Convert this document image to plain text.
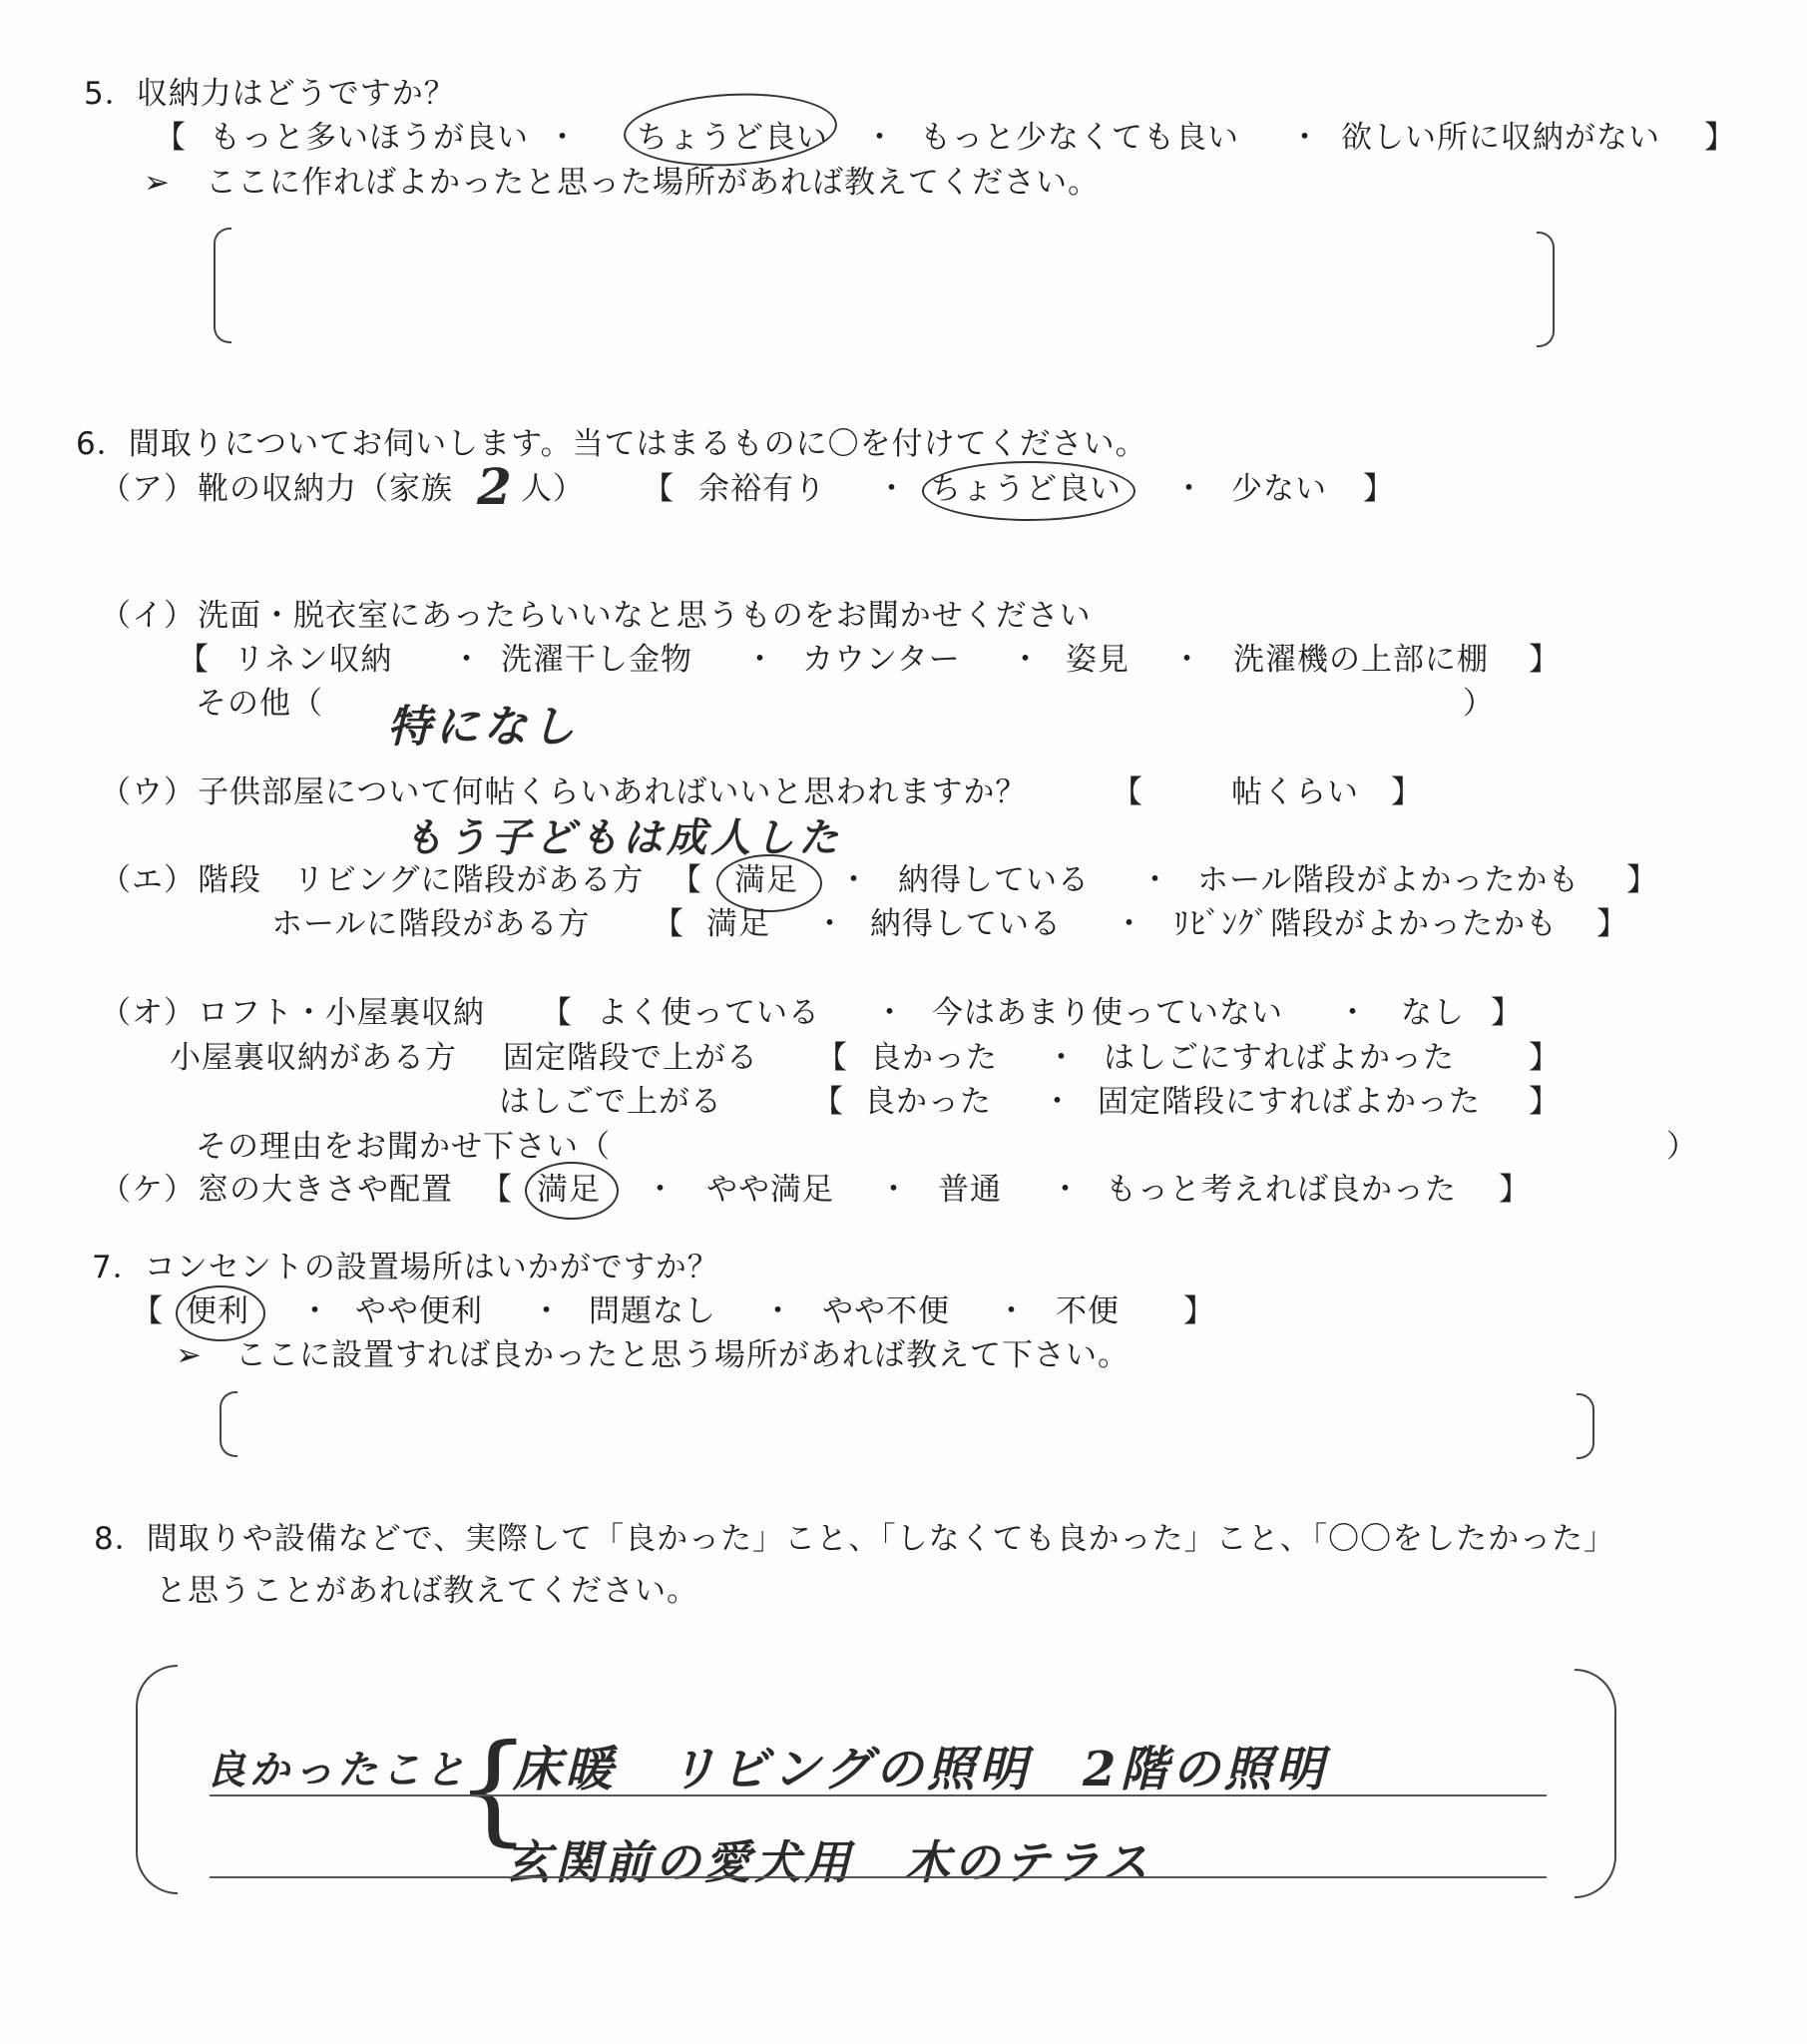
5．収納力はどうですか？
【 もっと多いほうが良い ・ ちょうど良い ・ もっと少なくても良い ・ 欲しい所に収納がない 】
➢ ここに作ればよかったと思った場所があれば教えてください。
6．間取りについてお伺いします。当てはまるものに〇を付けてください。
（ア） 靴の収納力（家族 2 人） 【 余裕有り ・ ちょうど良い ・ 少ない 】
（イ） 洗面・脱衣室にあったらいいなと思うものをお聞かせください
【 リネン収納 ・ 洗濯干し金物 ・ カウンター ・ 姿見 ・ 洗濯機の上部に棚 】
その他（ 特になし	）
（ウ） 子供部屋について何帖くらいあればいいと思われますか？	【	帖くらい 】
もう子どもは成人した
（エ） 階段　リビングに階段がある方 【 満足 ・ 納得している ・ ホール階段がよかったかも 】
ホールに階段がある方 【 満足 ・ 納得している ・ ﾘﾋﾞﾝｸﾞ階段がよかったかも 】
（オ） ロフト・小屋裏収納 【 よく使っている ・ 今はあまり使っていない ・ なし 】
小屋裏収納がある方 固定階段で上がる 【 良かった ・ はしごにすればよかった 】
はしごで上がる	【 良かった ・ 固定階段にすればよかった 】
その理由をお聞かせ下さい（	）
（ケ） 窓の大きさや配置 【 満足 ・ やや満足 ・ 普通 ・ もっと考えれば良かった 】
7．コンセントの設置場所はいかがですか？
【 便利 ・ やや便利 ・ 問題なし ・ やや不便 ・ 不便 】
➢ ここに設置すれば良かったと思う場所があれば教えて下さい。
8．間取りや設備などで、実際して「良かった」こと、「しなくても良かった」こと、「〇〇をしたかった」
と思うことがあれば教えてください。
良かったこと
{
床暖　リビングの照明　2階の照明
玄関前の愛犬用　木のテラス
